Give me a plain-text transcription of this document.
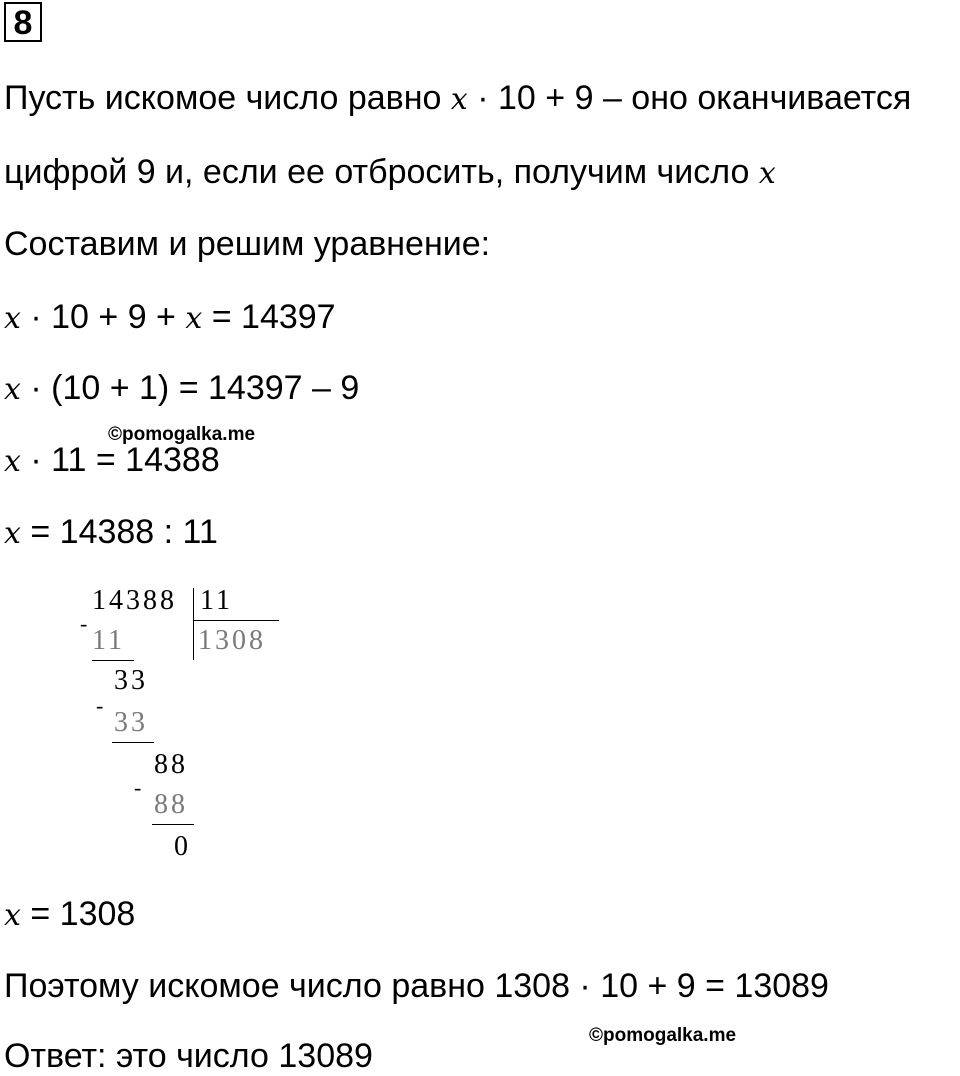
8
Пусть искомое число равно x · 10 + 9 – оно оканчивается
цифрой 9 и, если ее отбросить, получим число x
Составим и решим уравнение:
x · 10 + 9 + x = 14397
x · (10 + 1) = 14397 – 9
©pomogalka.me
x · 11 = 14388
x = 14388 : 11
14388 11
1308
-
11
33
-
33
88
-
88
0
x = 1308
Поэтому искомое число равно 1308 · 10 + 9 = 13089
©pomogalka.me
Ответ: это число 13089
